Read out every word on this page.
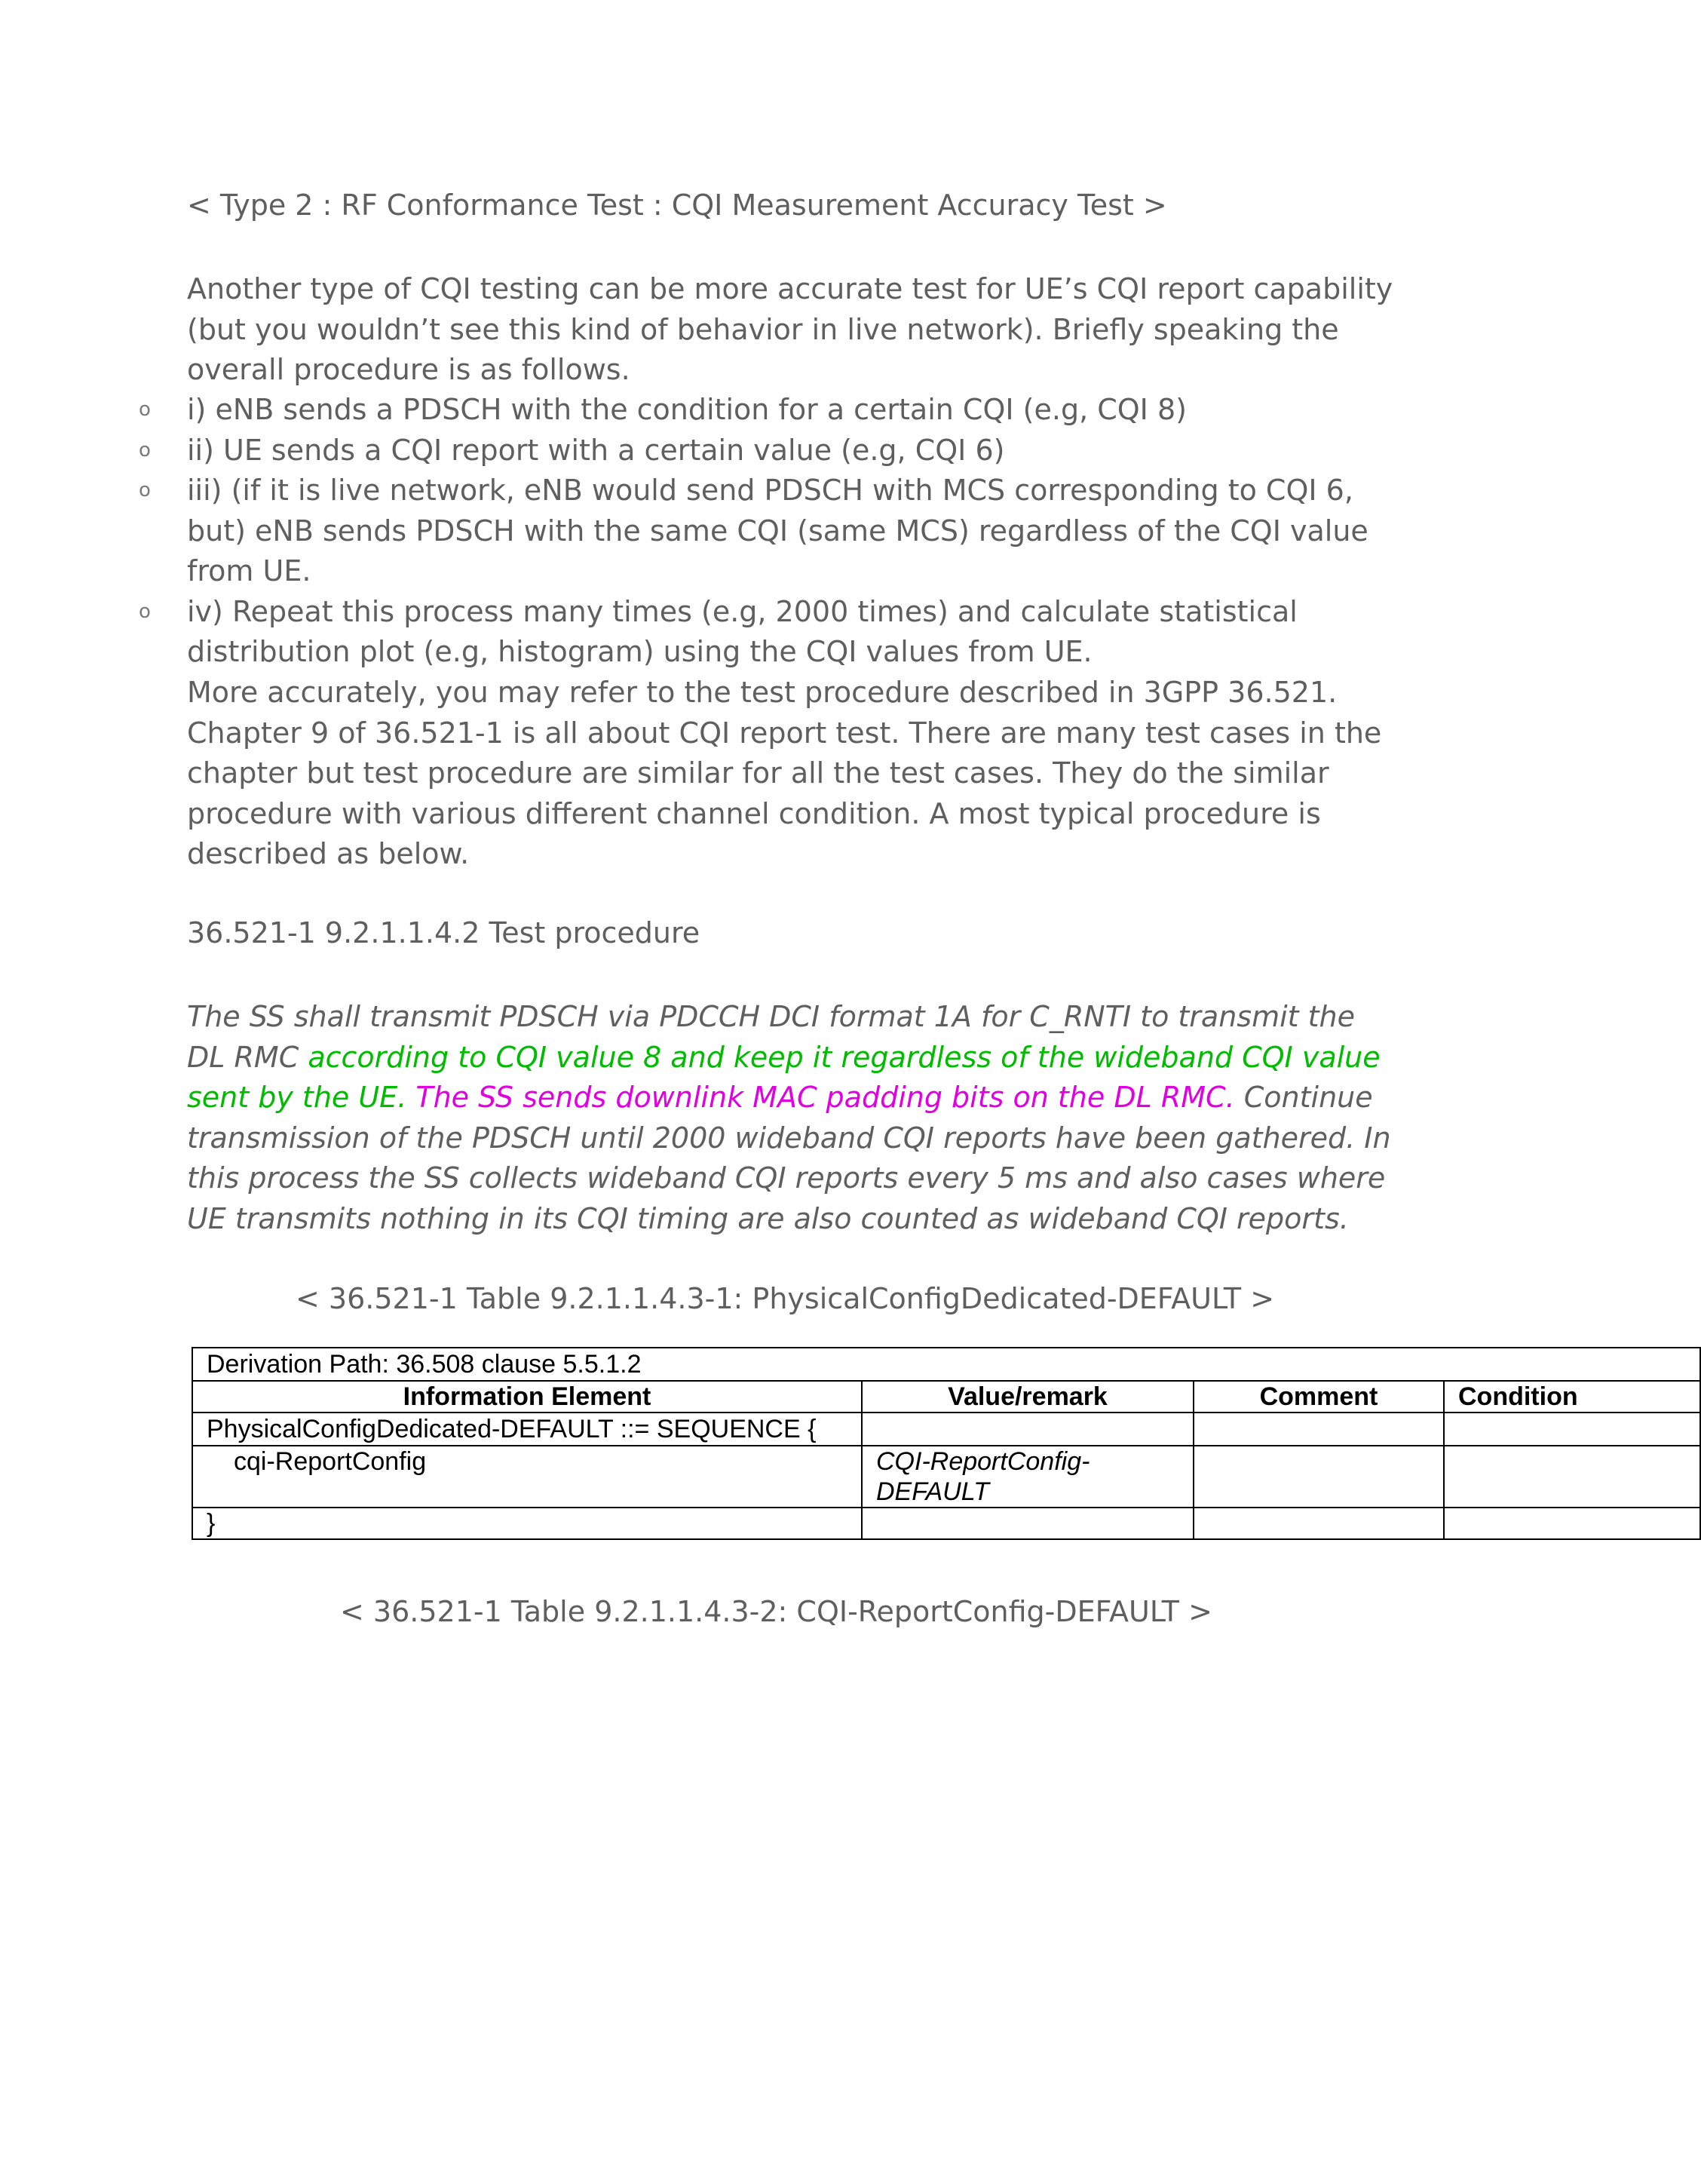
< Type 2 : RF Conformance Test : CQI Measurement Accuracy Test >
Another type of CQI testing can be more accurate test for UE’s CQI report capability
(but you wouldn’t see this kind of behavior in live network). Briefly speaking the
overall procedure is as follows.
o i) eNB sends a PDSCH with the condition for a certain CQI (e.g, CQI 8)
o ii) UE sends a CQI report with a certain value (e.g, CQI 6)
o iii) (if it is live network, eNB would send PDSCH with MCS corresponding to CQI 6,
but) eNB sends PDSCH with the same CQI (same MCS) regardless of the CQI value
from UE.
o iv) Repeat this process many times (e.g, 2000 times) and calculate statistical
distribution plot (e.g, histogram) using the CQI values from UE.
More accurately, you may refer to the test procedure described in 3GPP 36.521.
Chapter 9 of 36.521-1 is all about CQI report test. There are many test cases in the
chapter but test procedure are similar for all the test cases. They do the similar
procedure with various different channel condition. A most typical procedure is
described as below.
36.521-1 9.2.1.1.4.2 Test procedure
The SS shall transmit PDSCH via PDCCH DCI format 1A for C_RNTI to transmit the
DL RMC according to CQI value 8 and keep it regardless of the wideband CQI value
sent by the UE. The SS sends downlink MAC padding bits on the DL RMC. Continue
transmission of the PDSCH until 2000 wideband CQI reports have been gathered. In
this process the SS collects wideband CQI reports every 5 ms and also cases where
UE transmits nothing in its CQI timing are also counted as wideband CQI reports.
< 36.521-1 Table 9.2.1.1.4.3-1: PhysicalConfigDedicated-DEFAULT >
Derivation Path: 36.508 clause 5.5.1.2			
Information Element	Value/remark	Comment	Condition
PhysicalConfigDedicated-DEFAULT ::= SEQUENCE {			
cqi-ReportConfig	CQI-ReportConfig-DEFAULT		
}			
< 36.521-1 Table 9.2.1.1.4.3-2: CQI-ReportConfig-DEFAULT >
